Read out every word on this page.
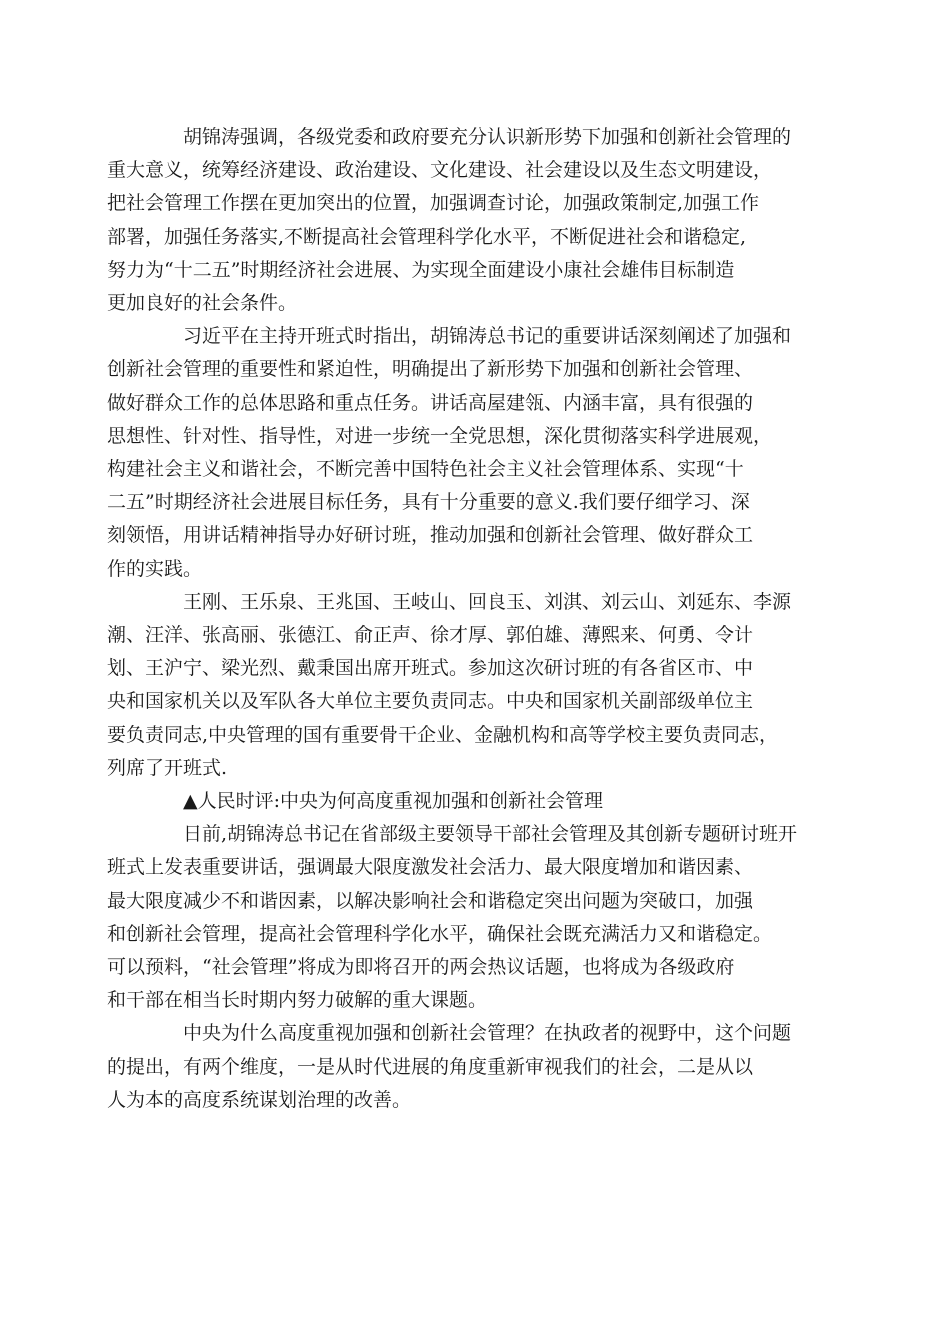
胡锦涛强调，各级党委和政府要充分认识新形势下加强和创新社会管理的
重大意义，统筹经济建设、政治建设、文化建设、社会建设以及生态文明建设，
把社会管理工作摆在更加突出的位置，加强调查讨论，加强政策制定,加强工作
部署，加强任务落实,不断提高社会管理科学化水平，不断促进社会和谐稳定,
努力为“十二五”时期经济社会进展、为实现全面建设小康社会雄伟目标制造
更加良好的社会条件。
习近平在主持开班式时指出，胡锦涛总书记的重要讲话深刻阐述了加强和
创新社会管理的重要性和紧迫性，明确提出了新形势下加强和创新社会管理、
做好群众工作的总体思路和重点任务。讲话高屋建瓴、内涵丰富，具有很强的
思想性、针对性、指导性，对进一步统一全党思想，深化贯彻落实科学进展观，
构建社会主义和谐社会，不断完善中国特色社会主义社会管理体系、实现“十
二五”时期经济社会进展目标任务，具有十分重要的意义.我们要仔细学习、深
刻领悟，用讲话精神指导办好研讨班，推动加强和创新社会管理、做好群众工
作的实践。
王刚、王乐泉、王兆国、王岐山、回良玉、刘淇、刘云山、刘延东、李源
潮、汪洋、张高丽、张德江、俞正声、徐才厚、郭伯雄、薄熙来、何勇、令计
划、王沪宁、梁光烈、戴秉国出席开班式。参加这次研讨班的有各省区市、中
央和国家机关以及军队各大单位主要负责同志。中央和国家机关副部级单位主
要负责同志,中央管理的国有重要骨干企业、金融机构和高等学校主要负责同志，
列席了开班式.
▲人民时评:中央为何高度重视加强和创新社会管理
日前,胡锦涛总书记在省部级主要领导干部社会管理及其创新专题研讨班开
班式上发表重要讲话，强调最大限度激发社会活力、最大限度增加和谐因素、
最大限度减少不和谐因素，以解决影响社会和谐稳定突出问题为突破口，加强
和创新社会管理，提高社会管理科学化水平，确保社会既充满活力又和谐稳定。
可以预料，“社会管理”将成为即将召开的两会热议话题，也将成为各级政府
和干部在相当长时期内努力破解的重大课题。
中央为什么高度重视加强和创新社会管理？在执政者的视野中，这个问题
的提出，有两个维度，一是从时代进展的角度重新审视我们的社会，二是从以
人为本的高度系统谋划治理的改善。
